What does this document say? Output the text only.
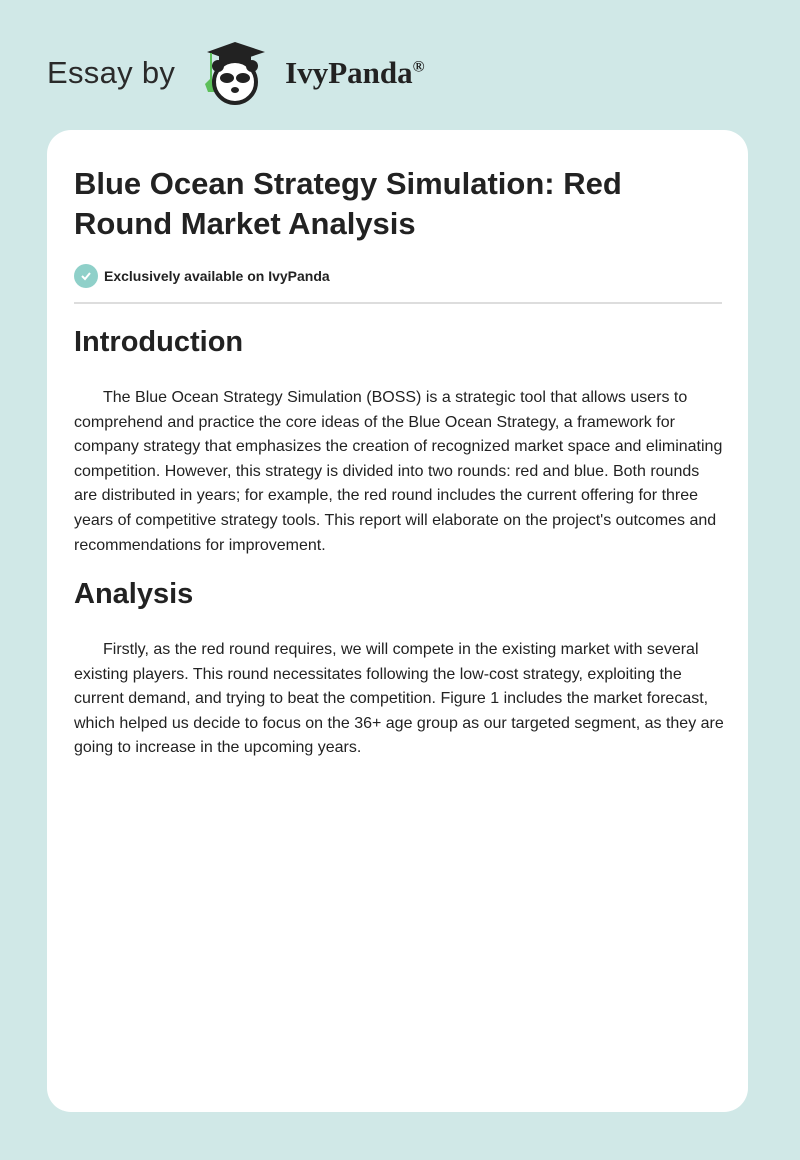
Essay by	IvyPanda®
Blue Ocean Strategy Simulation: Red Round Market Analysis
Exclusively available on IvyPanda
Introduction

The Blue Ocean Strategy Simulation (BOSS) is a strategic tool that allows users to comprehend and practice the core ideas of the Blue Ocean Strategy, a framework for company strategy that emphasizes the creation of recognized market space and eliminating competition. However, this strategy is divided into two rounds: red and blue. Both rounds are distributed in years; for example, the red round includes the current offering for three years of competitive strategy tools. This report will elaborate on the project's outcomes and recommendations for improvement.

Analysis

Firstly, as the red round requires, we will compete in the existing market with several existing players. This round necessitates following the low-cost strategy, exploiting the current demand, and trying to beat the competition. Figure 1 includes the market forecast, which helped us decide to focus on the 36+ age group as our targeted segment, as they are going to increase in the upcoming years.
